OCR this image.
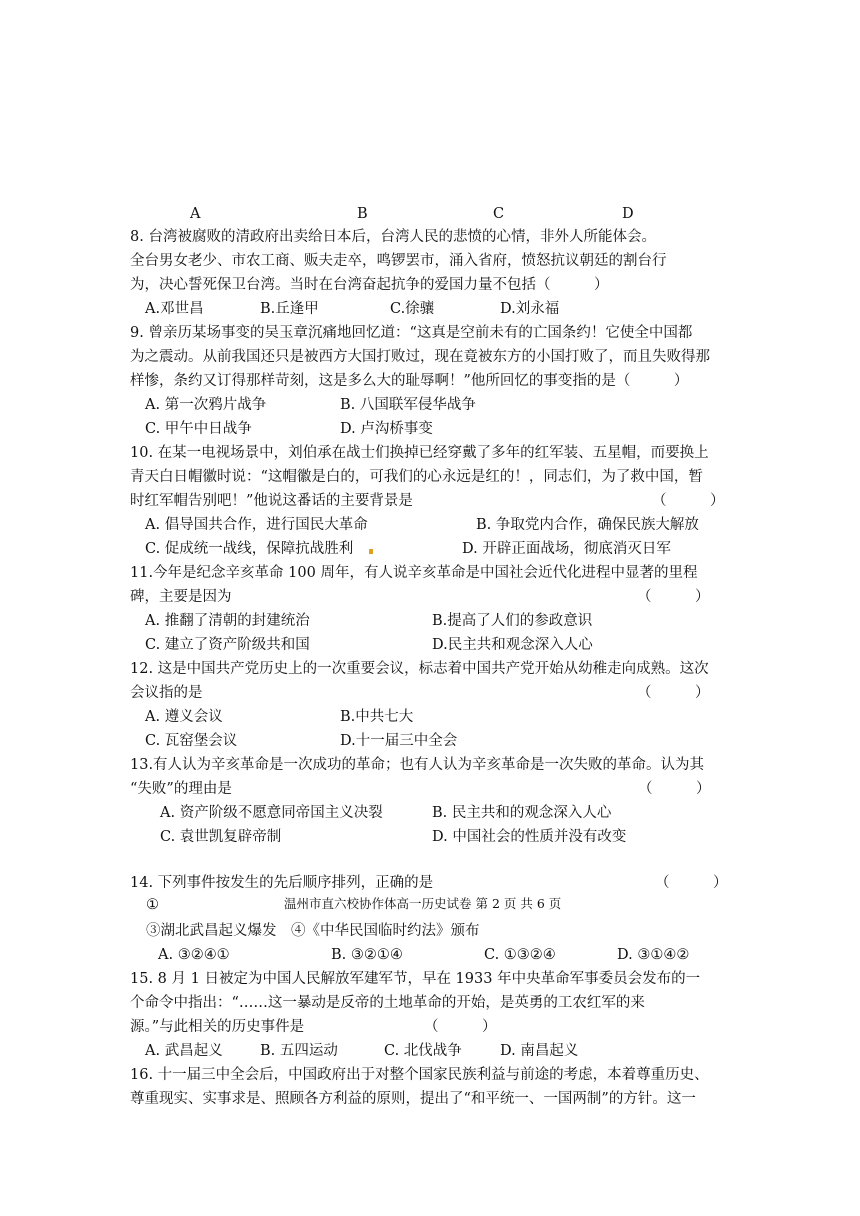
A	B	C	D
8. 台湾被腐败的清政府出卖给日本后，台湾人民的悲愤的心情，非外人所能体会。
全台男女老少、市农工商、贩夫走卒，鸣锣罢市，涌入省府，愤怒抗议朝廷的割台行
为，决心誓死保卫台湾。当时在台湾奋起抗争的爱国力量不包括（　　　）
A.邓世昌	B.丘逢甲	C.徐骧	D.刘永福
9. 曾亲历某场事变的吴玉章沉痛地回忆道：“这真是空前未有的亡国条约！它使全中国都
为之震动。从前我国还只是被西方大国打败过，现在竟被东方的小国打败了，而且失败得那
样惨，条约又订得那样苛刻，这是多么大的耻辱啊！”他所回忆的事变指的是（　　　）
A. 第一次鸦片战争	B. 八国联军侵华战争
C. 甲午中日战争	D. 卢沟桥事变
10. 在某一电视场景中，刘伯承在战士们换掉已经穿戴了多年的红军装、五星帽，而要换上
青天白日帽徽时说：“这帽徽是白的，可我们的心永远是红的！，同志们，为了救中国，暂
时红军帽告别吧！”他说这番话的主要背景是	（　　　）
A. 倡导国共合作，进行国民大革命	B. 争取党内合作，确保民族大解放
C. 促成统一战线，保障抗战胜利	D. 开辟正面战场，彻底消灭日军
11.今年是纪念辛亥革命 100 周年，有人说辛亥革命是中国社会近代化进程中显著的里程
碑，主要是因为	（　　　）
A. 推翻了清朝的封建统治	B.提高了人们的参政意识
C. 建立了资产阶级共和国	D.民主共和观念深入人心
12. 这是中国共产党历史上的一次重要会议，标志着中国共产党开始从幼稚走向成熟。这次
会议指的是	（　　　）
A. 遵义会议	B.中共七大
C. 瓦窑堡会议	D.十一届三中全会
13.有人认为辛亥革命是一次成功的革命；也有人认为辛亥革命是一次失败的革命。认为其
“失败”的理由是	（　　　）
A. 资产阶级不愿意同帝国主义决裂	B. 民主共和的观念深入人心
C. 袁世凯复辟帝制	D. 中国社会的性质并没有改变
14. 下列事件按发生的先后顺序排列，正确的是	（　　　）
①	温州市直六校协作体高一历史试卷 第 2 页 共 6 页
③湖北武昌起义爆发　④《中华民国临时约法》颁布
A. ③②④①	B. ③②①④	C. ①③②④	D. ③①④②
15. 8 月 1 日被定为中国人民解放军建军节，早在 1933 年中央革命军事委员会发布的一
个命令中指出：“……这一暴动是反帝的土地革命的开始，是英勇的工农红军的来
源。”与此相关的历史事件是	（　　　）
A. 武昌起义	B. 五四运动	C. 北伐战争	D. 南昌起义
16. 十一届三中全会后，中国政府出于对整个国家民族利益与前途的考虑，本着尊重历史、
尊重现实、实事求是、照顾各方利益的原则，提出了“和平统一、一国两制”的方针。这一
